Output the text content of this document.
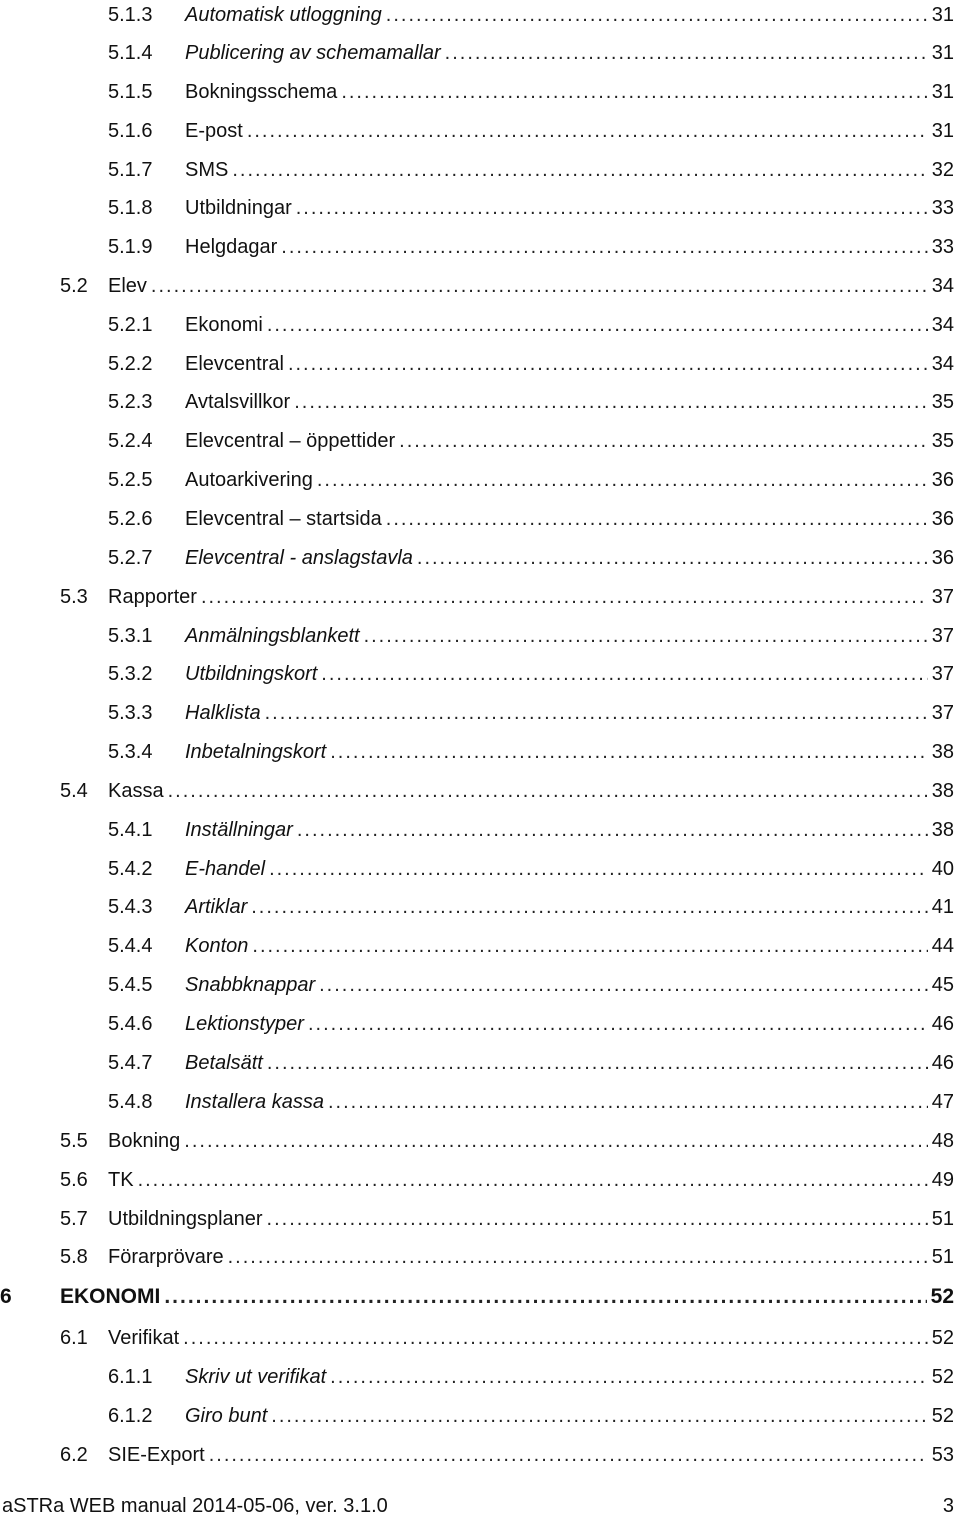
5.1.3	Automatisk utloggning .....	31
5.1.4	Publicering av schemamallar .....	31
5.1.5	Bokningsschema .....	31
5.1.6	E-post .....	31
5.1.7	SMS .....	32
5.1.8	Utbildningar .....	33
5.1.9	Helgdagar .....	33
5.2	Elev .....	34
5.2.1	Ekonomi .....	34
5.2.2	Elevcentral .....	34
5.2.3	Avtalsvillkor .....	35
5.2.4	Elevcentral – öppettider .....	35
5.2.5	Autoarkivering .....	36
5.2.6	Elevcentral – startsida .....	36
5.2.7	Elevcentral - anslagstavla .....	36
5.3	Rapporter .....	37
5.3.1	Anmälningsblankett .....	37
5.3.2	Utbildningskort .....	37
5.3.3	Halklista .....	37
5.3.4	Inbetalningskort .....	38
5.4	Kassa .....	38
5.4.1	Inställningar .....	38
5.4.2	E-handel .....	40
5.4.3	Artiklar .....	41
5.4.4	Konton .....	44
5.4.5	Snabbknappar .....	45
5.4.6	Lektionstyper .....	46
5.4.7	Betalsätt .....	46
5.4.8	Installera kassa .....	47
5.5	Bokning .....	48
5.6	TK .....	49
5.7	Utbildningsplaner .....	51
5.8	Förarprövare .....	51
6	EKONOMI .....	52
6.1	Verifikat .....	52
6.1.1	Skriv ut verifikat .....	52
6.1.2	Giro bunt .....	52
6.2	SIE-Export .....	53
aSTRa WEB manual 2014-05-06, ver. 3.1.0	3
